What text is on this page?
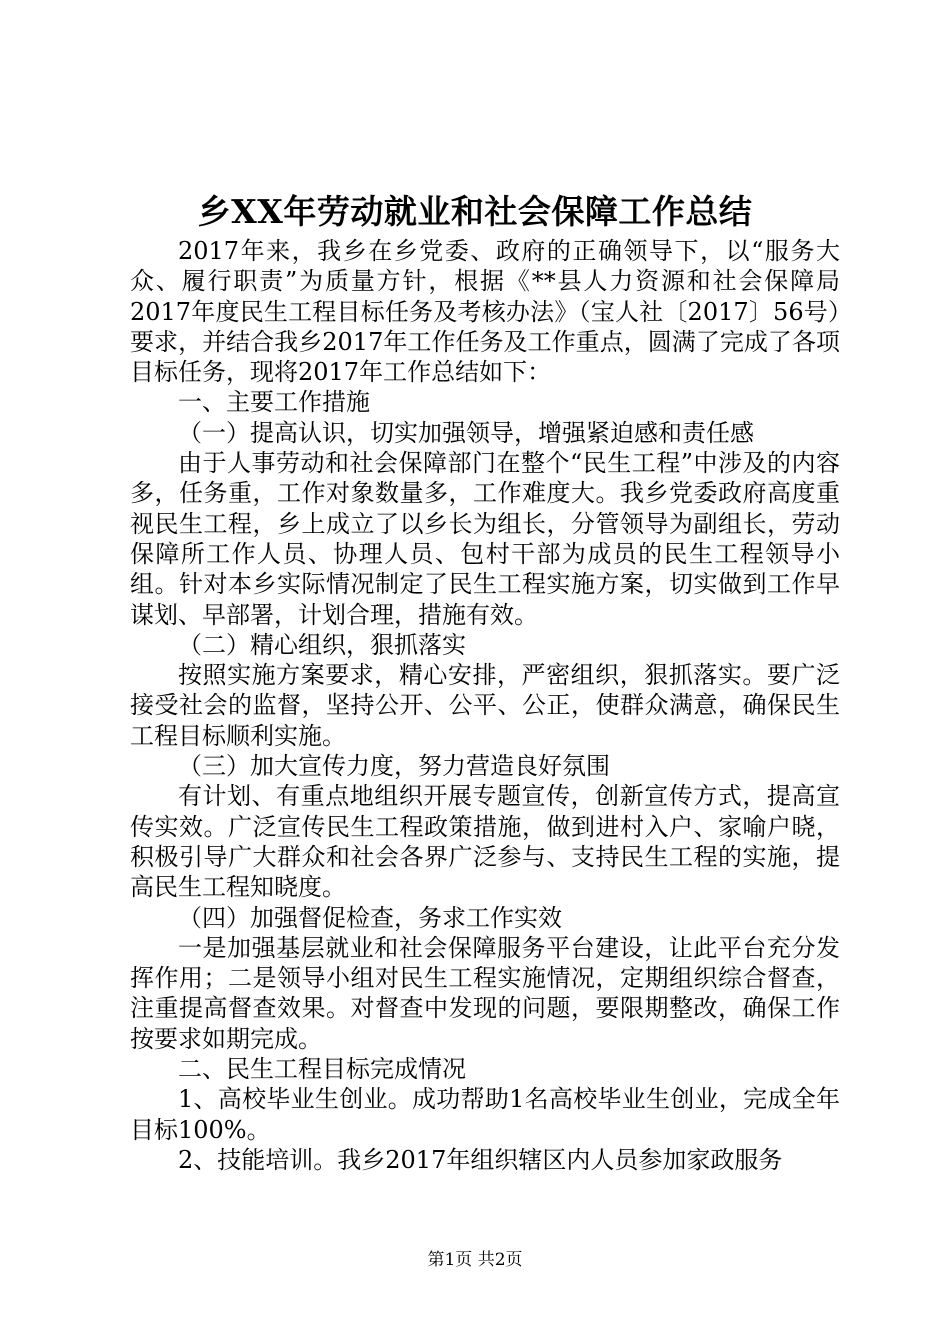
乡XX年劳动就业和社会保障工作总结

2017年来，我乡在乡党委、政府的正确领导下，以“服务大众、履行职责”为质量方针，根据《**县人力资源和社会保障局2017年度民生工程目标任务及考核办法》（宝人社〔2017〕56号）要求，并结合我乡2017年工作任务及工作重点，圆满了完成了各项目标任务，现将2017年工作总结如下：

一、主要工作措施

（一）提高认识，切实加强领导，增强紧迫感和责任感

由于人事劳动和社会保障部门在整个“民生工程”中涉及的内容多，任务重，工作对象数量多，工作难度大。我乡党委政府高度重视民生工程，乡上成立了以乡长为组长，分管领导为副组长，劳动保障所工作人员、协理人员、包村干部为成员的民生工程领导小组。针对本乡实际情况制定了民生工程实施方案，切实做到工作早谋划、早部署，计划合理，措施有效。

（二）精心组织，狠抓落实

按照实施方案要求，精心安排，严密组织，狠抓落实。要广泛接受社会的监督，坚持公开、公平、公正，使群众满意，确保民生工程目标顺利实施。

（三）加大宣传力度，努力营造良好氛围

有计划、有重点地组织开展专题宣传，创新宣传方式，提高宣传实效。广泛宣传民生工程政策措施，做到进村入户、家喻户晓，积极引导广大群众和社会各界广泛参与、支持民生工程的实施，提高民生工程知晓度。

（四）加强督促检查，务求工作实效

一是加强基层就业和社会保障服务平台建设，让此平台充分发挥作用；二是领导小组对民生工程实施情况，定期组织综合督查，注重提高督查效果。对督查中发现的问题，要限期整改，确保工作按要求如期完成。

二、民生工程目标完成情况

1、高校毕业生创业。成功帮助1名高校毕业生创业，完成全年目标100%。

2、技能培训。我乡2017年组织辖区内人员参加家政服务

第1页 共2页
